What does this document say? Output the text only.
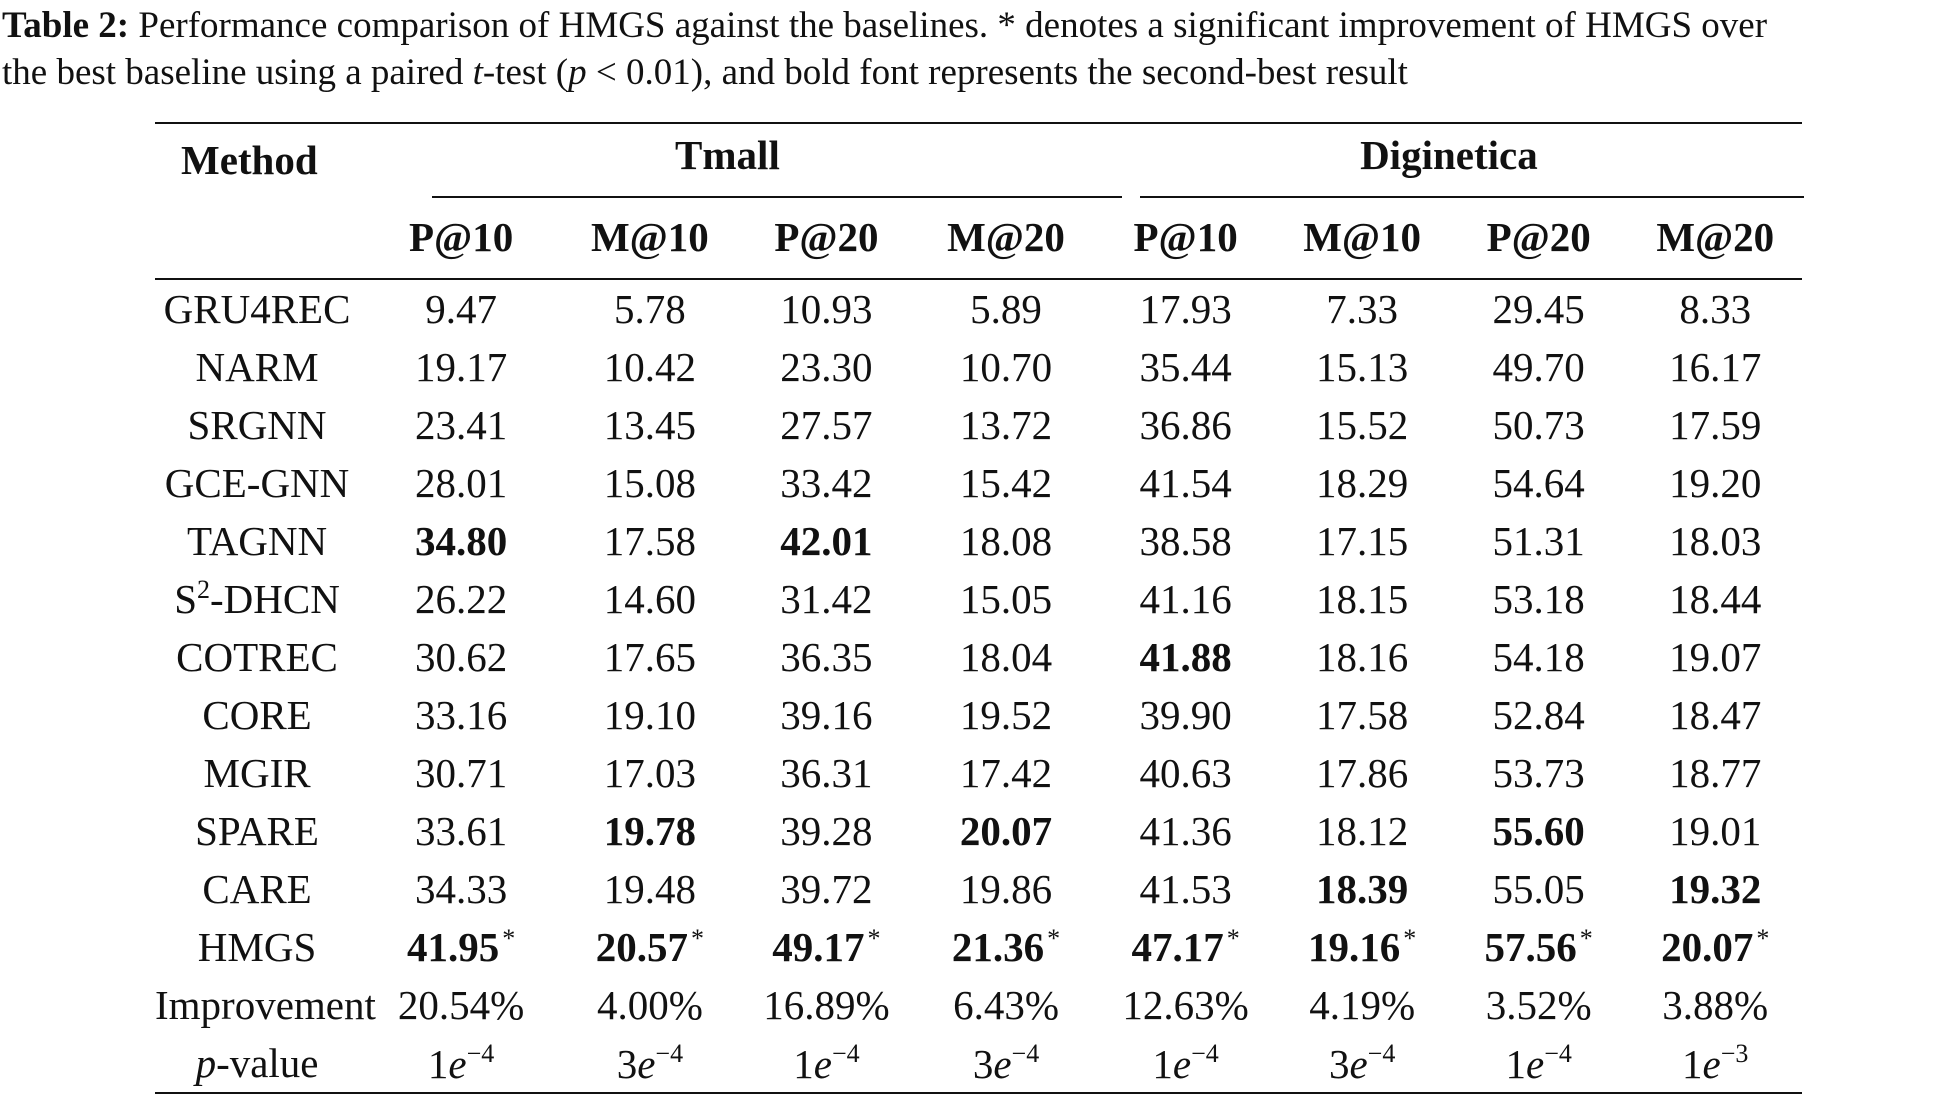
Table 2: Performance comparison of HMGS against the baselines. * denotes a significant improvement of HMGS over
the best baseline using a paired t-test (p < 0.01), and bold font represents the second-best result

Method	Tmall				Diginetica			

	P@10	M@10	P@20	M@20	P@10	M@10	P@20	M@20

GRU4REC	9.47	5.78	10.93	5.89	17.93	7.33	29.45	8.33
NARM	19.17	10.42	23.30	10.70	35.44	15.13	49.70	16.17
SRGNN	23.41	13.45	27.57	13.72	36.86	15.52	50.73	17.59
GCE-GNN	28.01	15.08	33.42	15.42	41.54	18.29	54.64	19.20
TAGNN	34.80	17.58	42.01	18.08	38.58	17.15	51.31	18.03
$S^2$-DHCN	26.22	14.60	31.42	15.05	41.16	18.15	53.18	18.44
COTREC	30.62	17.65	36.35	18.04	41.88	18.16	54.18	19.07
CORE	33.16	19.10	39.16	19.52	39.90	17.58	52.84	18.47
MGIR	30.71	17.03	36.31	17.42	40.63	17.86	53.73	18.77
SPARE	33.61	19.78	39.28	20.07	41.36	18.12	55.60	19.01
CARE	34.33	19.48	39.72	19.86	41.53	18.39	55.05	19.32
HMGS	41.95 *	20.57 *	49.17 *	21.36 *	47.17 *	19.16 *	57.56 *	20.07 *
Improvement	20.54%	4.00%	16.89%	6.43%	12.63%	4.19%	3.52%	3.88%
p-value	$1e^{-4}$	$3e^{-4}$	$1e^{-4}$	$3e^{-4}$	$1e^{-4}$	$3e^{-4}$	$1e^{-4}$	$1e^{-3}$
